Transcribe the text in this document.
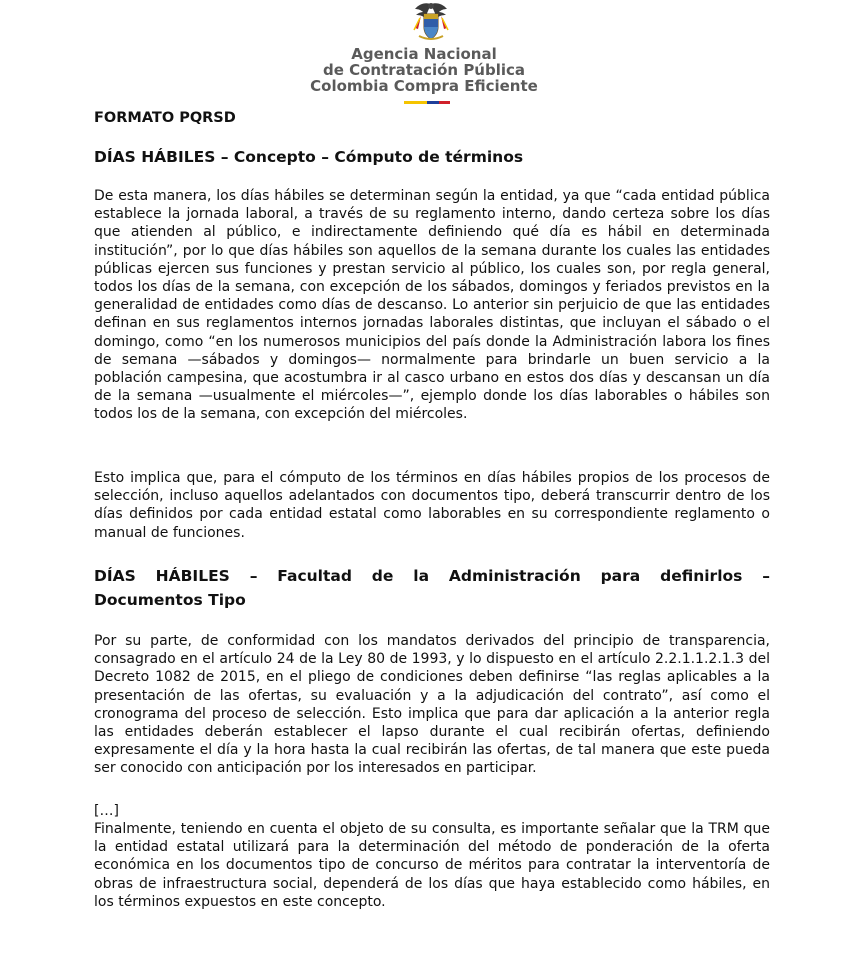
Agencia Nacional
de Contratación Pública
Colombia Compra Eficiente

FORMATO PQRSD

DÍAS HÁBILES – Concepto – Cómputo de términos

De esta manera, los días hábiles se determinan según la entidad, ya que “cada entidad pública establece la jornada laboral, a través de su reglamento interno, dando certeza sobre los días que atienden al público, e indirectamente definiendo qué día es hábil en determinada institución”, por lo que días hábiles son aquellos de la semana durante los cuales las entidades públicas ejercen sus funciones y prestan servicio al público, los cuales son, por regla general, todos los días de la semana, con excepción de los sábados, domingos y feriados previstos en la generalidad de entidades como días de descanso. Lo anterior sin perjuicio de que las entidades definan en sus reglamentos internos jornadas laborales distintas, que incluyan el sábado o el domingo, como “en los numerosos municipios del país donde la Administración labora los fines de semana —sábados y domingos— normalmente para brindarle un buen servicio a la población campesina, que acostumbra ir al casco urbano en estos dos días y descansan un día de la semana —usualmente el miércoles—”, ejemplo donde los días laborables o hábiles son todos los de la semana, con excepción del miércoles.

Esto implica que, para el cómputo de los términos en días hábiles propios de los procesos de selección, incluso aquellos adelantados con documentos tipo, deberá transcurrir dentro de los días definidos por cada entidad estatal como laborables en su correspondiente reglamento o manual de funciones.

DÍAS HÁBILES – Facultad de la Administración para definirlos –

Documentos Tipo

Por su parte, de conformidad con los mandatos derivados del principio de transparencia, consagrado en el artículo 24 de la Ley 80 de 1993, y lo dispuesto en el artículo 2.2.1.1.2.1.3 del Decreto 1082 de 2015, en el pliego de condiciones deben definirse “las reglas aplicables a la presentación de las ofertas, su evaluación y a la adjudicación del contrato”, así como el cronograma del proceso de selección. Esto implica que para dar aplicación a la anterior regla las entidades deberán establecer el lapso durante el cual recibirán ofertas, definiendo expresamente el día y la hora hasta la cual recibirán las ofertas, de tal manera que este pueda ser conocido con anticipación por los interesados en participar.

[…]

Finalmente, teniendo en cuenta el objeto de su consulta, es importante señalar que la TRM que la entidad estatal utilizará para la determinación del método de ponderación de la oferta económica en los documentos tipo de concurso de méritos para contratar la interventoría de obras de infraestructura social, dependerá de los días que haya establecido como hábiles, en los términos expuestos en este concepto.
